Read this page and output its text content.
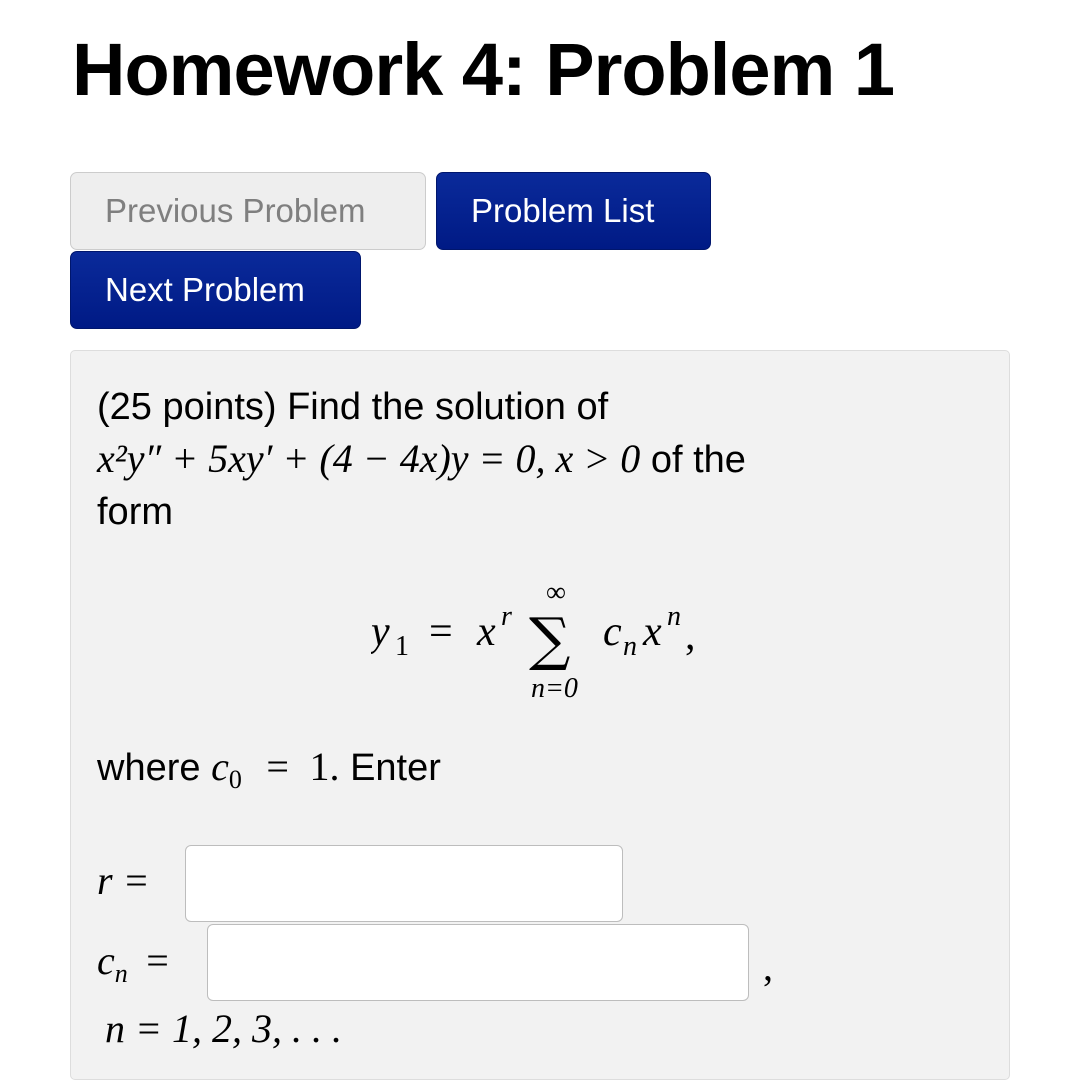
Homework 4: Problem 1
Previous Problem	Problem List
Next Problem
(25 points) Find the solution of
x²y″ + 5xy′ + (4 − 4x)y = 0, x > 0 of the
form
y 1 = x r
∞
∑
n=0
c n x n ,
where $c_0 = 1$. Enter
r =
cn =	,
n = 1, 2, 3, . . .
